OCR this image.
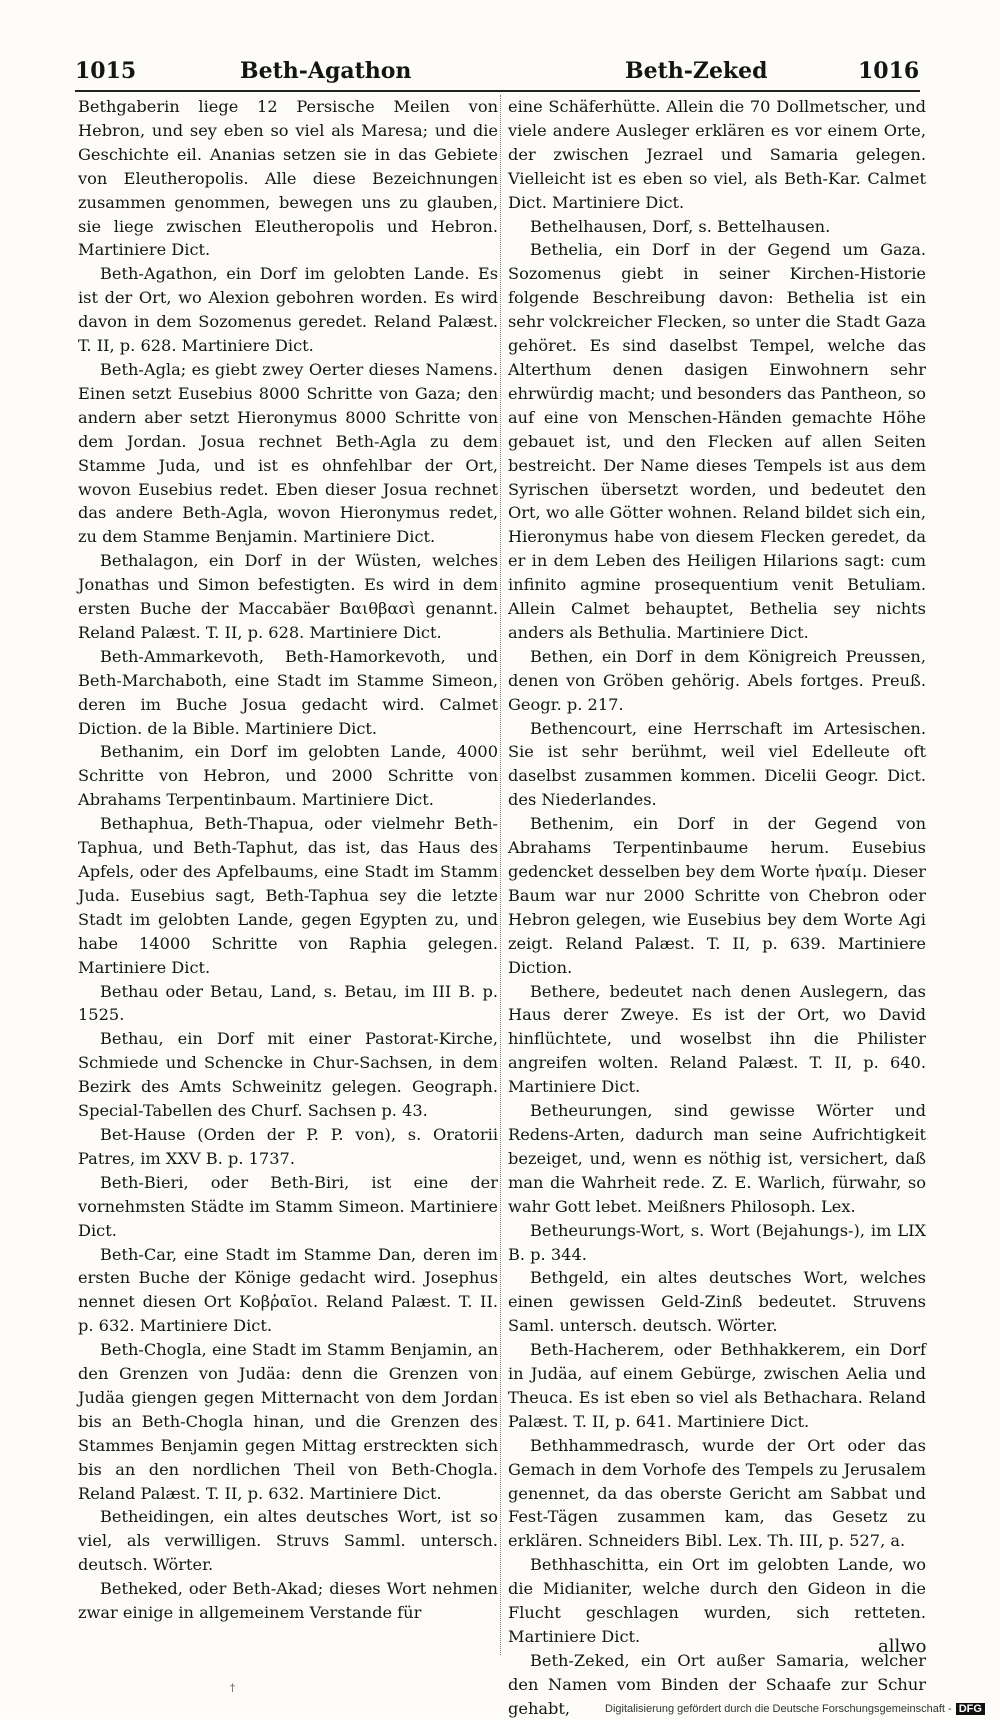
1015	Beth-Agathon	Beth-Zeked	1016

Bethgaberin liege 12 Persische Meilen von Hebron, und sey eben so viel als Maresa; und die Geschichte eil. Ananias setzen sie in das Gebiete von Eleutheropolis. Alle diese Bezeichnungen zusammen genommen, bewegen uns zu glauben, sie liege zwischen Eleutheropolis und Hebron. Martiniere Dict.

Beth-Agathon, ein Dorf im gelobten Lande. Es ist der Ort, wo Alexion gebohren worden. Es wird davon in dem Sozomenus geredet. Reland Palæst. T. II, p. 628. Martiniere Dict.

Beth-Agla; es giebt zwey Oerter dieses Namens. Einen setzt Eusebius 8000 Schritte von Gaza; den andern aber setzt Hieronymus 8000 Schritte von dem Jordan. Josua rechnet Beth-Agla zu dem Stamme Juda, und ist es ohnfehlbar der Ort, wovon Eusebius redet. Eben dieser Josua rechnet das andere Beth-Agla, wovon Hieronymus redet, zu dem Stamme Benjamin. Martiniere Dict.

Bethalagon, ein Dorf in der Wüsten, welches Jonathas und Simon befestigten. Es wird in dem ersten Buche der Maccabäer Βαιθβασὶ genannt. Reland Palæst. T. II, p. 628. Martiniere Dict.

Beth-Ammarkevoth, Beth-Hamorkevoth, und Beth-Marchaboth, eine Stadt im Stamme Simeon, deren im Buche Josua gedacht wird. Calmet Diction. de la Bible. Martiniere Dict.

Bethanim, ein Dorf im gelobten Lande, 4000 Schritte von Hebron, und 2000 Schritte von Abrahams Terpentinbaum. Martiniere Dict.

Bethaphua, Beth-Thapua, oder vielmehr Beth-Taphua, und Beth-Taphut, das ist, das Haus des Apfels, oder des Apfelbaums, eine Stadt im Stamm Juda. Eusebius sagt, Beth-Taphua sey die letzte Stadt im gelobten Lande, gegen Egypten zu, und habe 14000 Schritte von Raphia gelegen. Martiniere Dict.

Bethau oder Betau, Land, s. Betau, im III B. p. 1525.

Bethau, ein Dorf mit einer Pastorat-Kirche, Schmiede und Schencke in Chur-Sachsen, in dem Bezirk des Amts Schweinitz gelegen. Geograph. Special-Tabellen des Churf. Sachsen p. 43.

Bet-Hause (Orden der P. P. von), s. Oratorii Patres, im XXV B. p. 1737.

Beth-Bieri, oder Beth-Biri, ist eine der vornehmsten Städte im Stamm Simeon. Martiniere Dict.

Beth-Car, eine Stadt im Stamme Dan, deren im ersten Buche der Könige gedacht wird. Josephus nennet diesen Ort Κοβῥαῖοι. Reland Palæst. T. II. p. 632. Martiniere Dict.

Beth-Chogla, eine Stadt im Stamm Benjamin, an den Grenzen von Judäa: denn die Grenzen von Judäa giengen gegen Mitternacht von dem Jordan bis an Beth-Chogla hinan, und die Grenzen des Stammes Benjamin gegen Mittag erstreckten sich bis an den nordlichen Theil von Beth-Chogla. Reland Palæst. T. II, p. 632. Martiniere Dict.

Betheidingen, ein altes deutsches Wort, ist so viel, als verwilligen. Struvs Samml. untersch. deutsch. Wörter.

Betheked, oder Beth-Akad; dieses Wort nehmen zwar einige in allgemeinem Verstande für

eine Schäferhütte. Allein die 70 Dollmetscher, und viele andere Ausleger erklären es vor einem Orte, der zwischen Jezrael und Samaria gelegen. Vielleicht ist es eben so viel, als Beth-Kar. Calmet Dict. Martiniere Dict.

Bethelhausen, Dorf, s. Bettelhausen.

Bethelia, ein Dorf in der Gegend um Gaza. Sozomenus giebt in seiner Kirchen-Historie folgende Beschreibung davon: Bethelia ist ein sehr volckreicher Flecken, so unter die Stadt Gaza gehöret. Es sind daselbst Tempel, welche das Alterthum denen dasigen Einwohnern sehr ehrwürdig macht; und besonders das Pantheon, so auf eine von Menschen-Händen gemachte Höhe gebauet ist, und den Flecken auf allen Seiten bestreicht. Der Name dieses Tempels ist aus dem Syrischen übersetzt worden, und bedeutet den Ort, wo alle Götter wohnen. Reland bildet sich ein, Hieronymus habe von diesem Flecken geredet, da er in dem Leben des Heiligen Hilarions sagt: cum infinito agmine prosequentium venit Betuliam. Allein Calmet behauptet, Bethelia sey nichts anders als Bethulia. Martiniere Dict.

Bethen, ein Dorf in dem Königreich Preussen, denen von Gröben gehörig. Abels fortges. Preuß. Geogr. p. 217.

Bethencourt, eine Herrschaft im Artesischen. Sie ist sehr berühmt, weil viel Edelleute oft daselbst zusammen kommen. Dicelii Geogr. Dict. des Niederlandes.

Bethenim, ein Dorf in der Gegend von Abrahams Terpentinbaume herum. Eusebius gedencket desselben bey dem Worte ἠναίμ. Dieser Baum war nur 2000 Schritte von Chebron oder Hebron gelegen, wie Eusebius bey dem Worte Agi zeigt. Reland Palæst. T. II, p. 639. Martiniere Diction.

Bethere, bedeutet nach denen Auslegern, das Haus derer Zweye. Es ist der Ort, wo David hinflüchtete, und woselbst ihn die Philister angreifen wolten. Reland Palæst. T. II, p. 640. Martiniere Dict.

Betheurungen, sind gewisse Wörter und Redens-Arten, dadurch man seine Aufrichtigkeit bezeiget, und, wenn es nöthig ist, versichert, daß man die Wahrheit rede. Z. E. Warlich, fürwahr, so wahr Gott lebet. Meißners Philosoph. Lex.

Betheurungs-Wort, s. Wort (Bejahungs-), im LIX B. p. 344.

Bethgeld, ein altes deutsches Wort, welches einen gewissen Geld-Zinß bedeutet. Struvens Saml. untersch. deutsch. Wörter.

Beth-Hacherem, oder Bethhakkerem, ein Dorf in Judäa, auf einem Gebürge, zwischen Aelia und Theuca. Es ist eben so viel als Bethachara. Reland Palæst. T. II, p. 641. Martiniere Dict.

Bethhammedrasch, wurde der Ort oder das Gemach in dem Vorhofe des Tempels zu Jerusalem genennet, da das oberste Gericht am Sabbat und Fest-Tägen zusammen kam, das Gesetz zu erklären. Schneiders Bibl. Lex. Th. III, p. 527, a.

Bethhaschitta, ein Ort im gelobten Lande, wo die Midianiter, welche durch den Gideon in die Flucht geschlagen wurden, sich retteten. Martiniere Dict.

Beth-Zeked, ein Ort außer Samaria, welcher den Namen vom Binden der Schaafe zur Schur gehabt,

allwo
†
Digitalisierung gefördert durch die Deutsche Forschungsgemeinschaft - DFG
